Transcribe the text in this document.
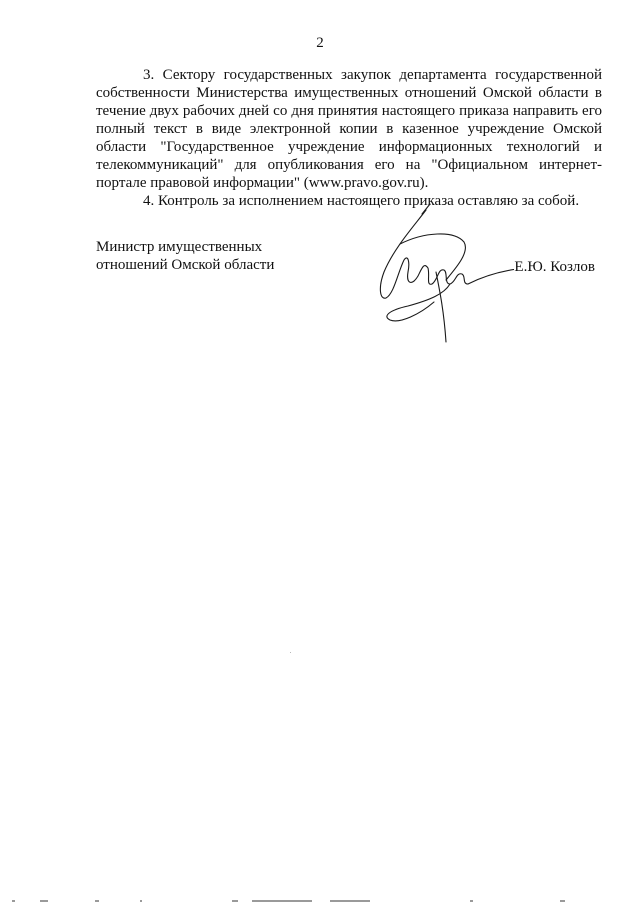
2

3. Сектору государственных закупок департамента государственной собственности Министерства имущественных отношений Омской области в течение двух рабочих дней со дня принятия настоящего приказа направить его полный текст в виде электронной копии в казенное учреждение Омской области "Государственное учреждение информационных технологий и телекоммуникаций" для опубликования его на "Официальном интернет-портале правовой информации" (www.pravo.gov.ru).

4. Контроль за исполнением настоящего приказа оставляю за собой.

Министр имущественных
отношений Омской области	Е.Ю. Козлов
